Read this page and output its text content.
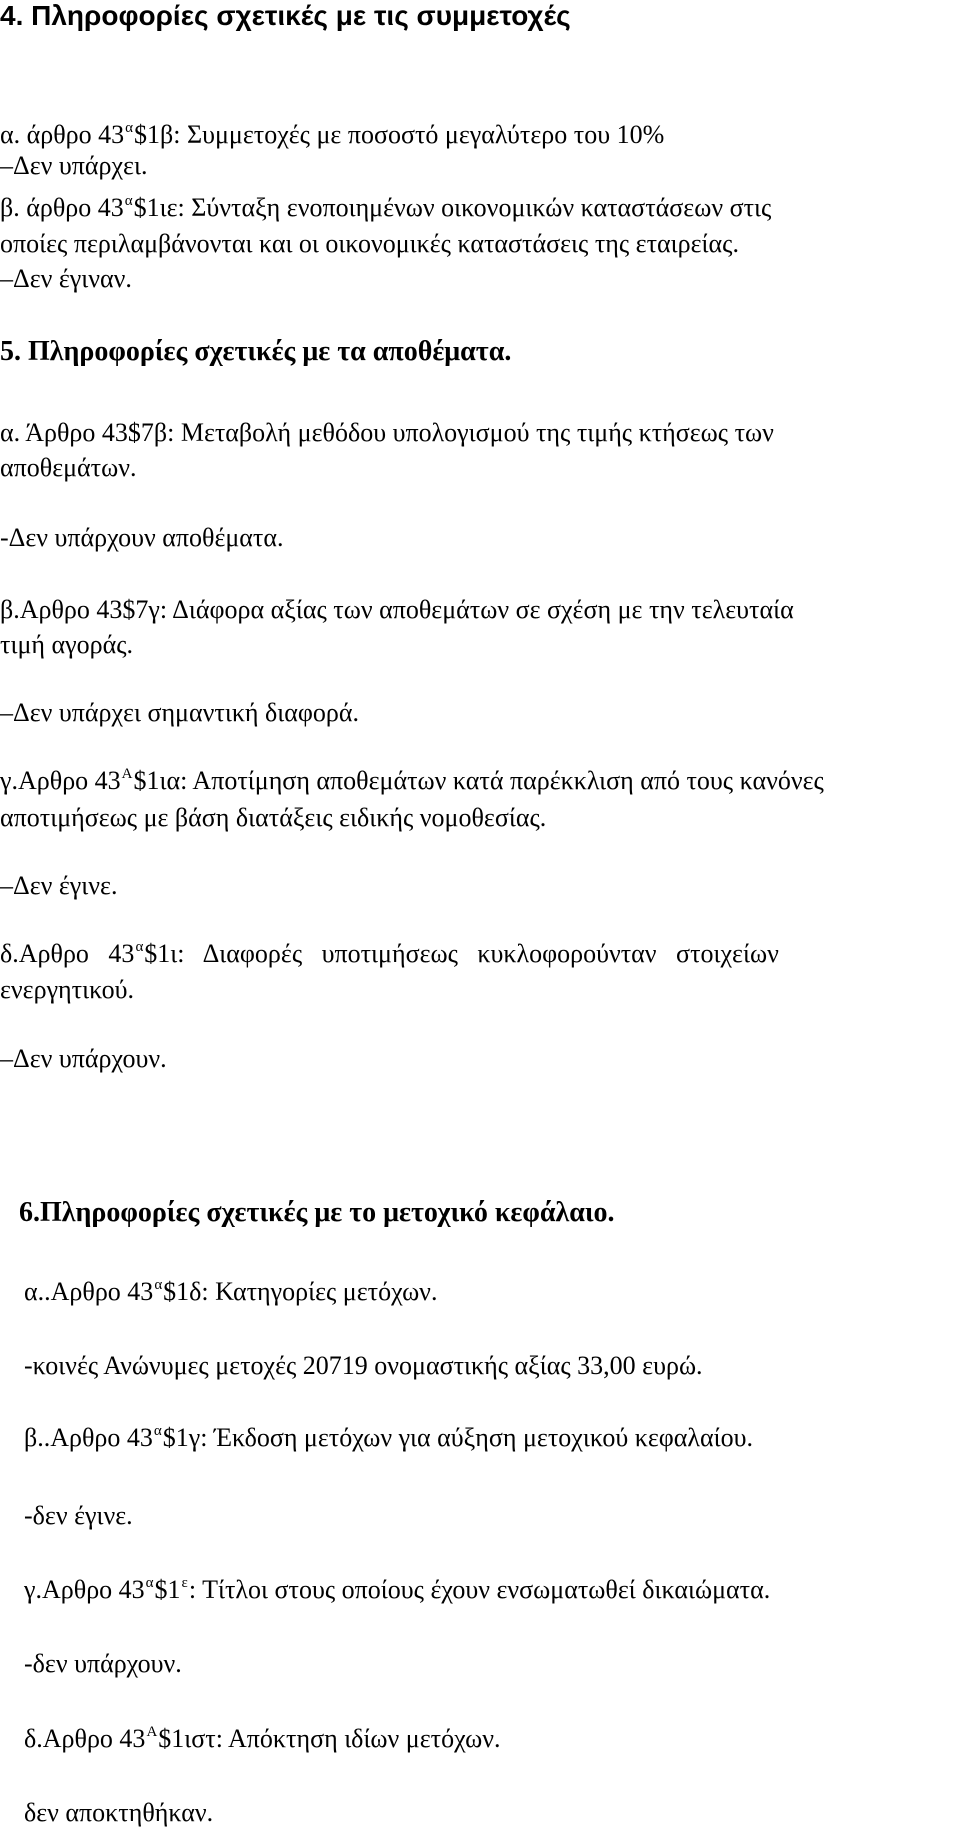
4. Πληροφορίες σχετικές με τις συμμετοχές

α. άρθρο $43^\alpha\$1\beta$: Συμμετοχές με ποσοστό μεγαλύτερο του 10%

–Δεν υπάρχει.

β. άρθρο $43^\alpha\$1\iota\varepsilon$: Σύνταξη ενοποιημένων οικονομικών καταστάσεων στις

οποίες περιλαμβάνονται και οι οικονομικές καταστάσεις της εταιρείας.

–Δεν έγιναν.

5. Πληροφορίες σχετικές με τα αποθέματα.

α. Άρθρο 43$7β: Μεταβολή μεθόδου υπολογισμού της τιμής κτήσεως των

αποθεμάτων.

-Δεν υπάρχουν αποθέματα.

β.Αρθρο 43$7γ: Διάφορα αξίας των αποθεμάτων σε σχέση με την τελευταία

τιμή αγοράς.

–Δεν υπάρχει σημαντική διαφορά.

γ.Αρθρο $43^A\$1\iota\alpha$: Αποτίμηση αποθεμάτων κατά παρέκκλιση από τους κανόνες

αποτιμήσεως με βάση διατάξεις ειδικής νομοθεσίας.

–Δεν έγινε.

δ.Αρθρο   $43^\alpha\$1\iota$:   Διαφορές   υποτιμήσεως   κυκλοφορούνταν   στοιχείων

ενεργητικού.

–Δεν υπάρχουν.

6.Πληροφορίες σχετικές με το μετοχικό κεφάλαιο.

α..Αρθρο $43^\alpha\$1\delta$: Κατηγορίες μετόχων.

-κοινές Ανώνυμες μετοχές 20719 ονομαστικής αξίας 33,00 ευρώ.

β..Αρθρο $43^\alpha\$1\gamma$: Έκδοση μετόχων για αύξηση μετοχικού κεφαλαίου.

-δεν έγινε.

γ.Αρθρο $43^\alpha\$1^\varepsilon$: Τίτλοι στους οποίους έχουν ενσωματωθεί δικαιώματα.

-δεν υπάρχουν.

δ.Αρθρο $43^A\$1\iota\sigma\tau$: Απόκτηση ιδίων μετόχων.

δεν αποκτηθήκαν.
